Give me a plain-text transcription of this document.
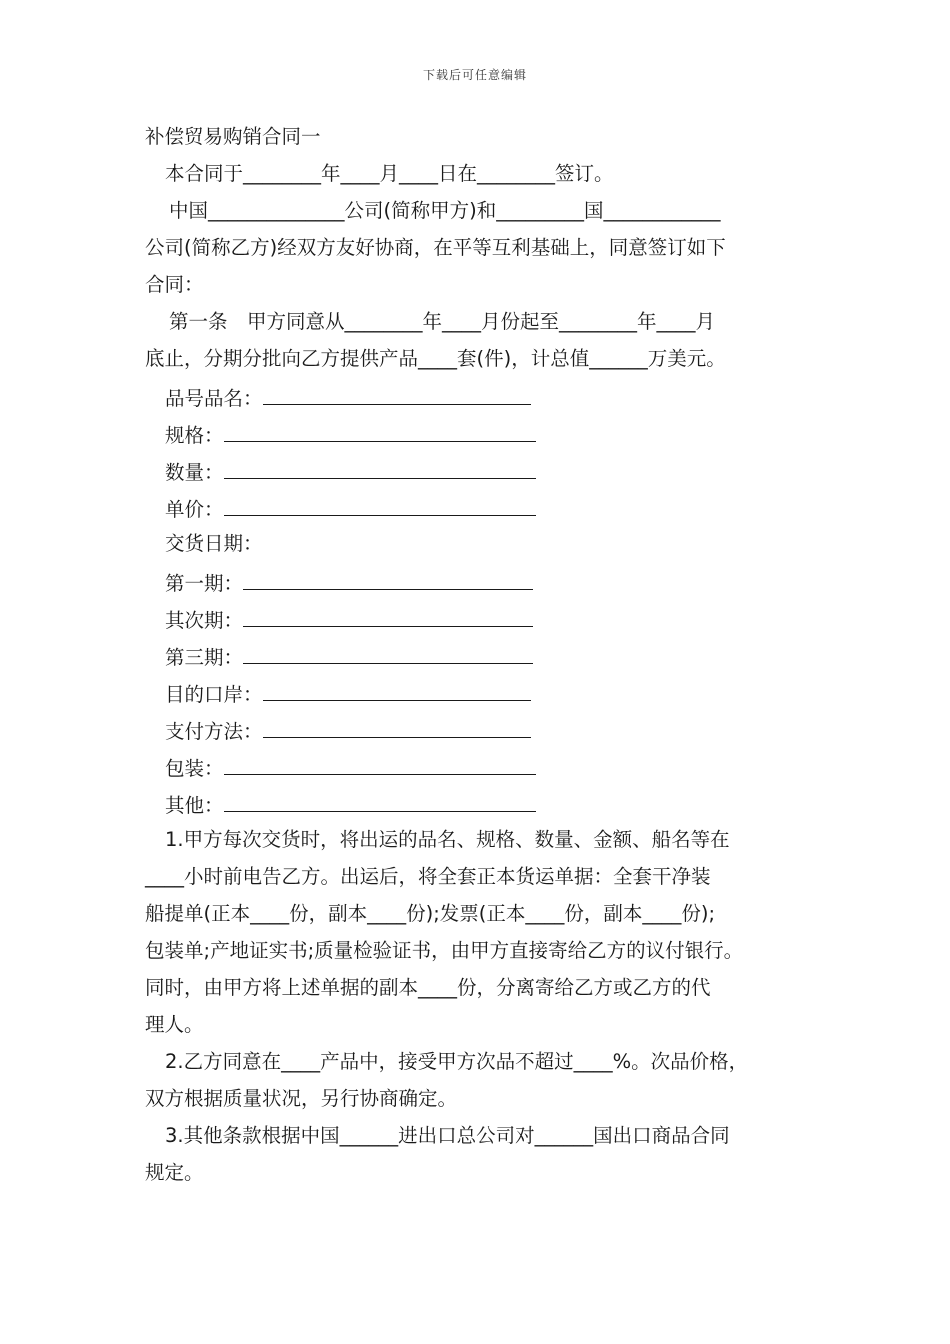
下载后可任意编辑
补偿贸易购销合同一
本合同于________年____月____日在________签订。
中国______________公司(简称甲方)和_________国____________
公司(简称乙方)经双方友好协商，在平等互利基础上，同意签订如下
合同：
第一条　甲方同意从________年____月份起至________年____月
底止，分期分批向乙方提供产品____套(件)，计总值______万美元。
品号品名：
规格：
数量：
单价：
交货日期：
第一期：
其次期：
第三期：
目的口岸：
支付方法：
包装：
其他：
1.甲方每次交货时，将出运的品名、规格、数量、金额、船名等在
____小时前电告乙方。出运后，将全套正本货运单据：全套干净装
船提单(正本____份，副本____份);发票(正本____份，副本____份);
包装单;产地证实书;质量检验证书，由甲方直接寄给乙方的议付银行。
同时，由甲方将上述单据的副本____份，分离寄给乙方或乙方的代
理人。
2.乙方同意在____产品中，接受甲方次品不超过____%。次品价格，
双方根据质量状况，另行协商确定。
3.其他条款根据中国______进出口总公司对______国出口商品合同
规定。
